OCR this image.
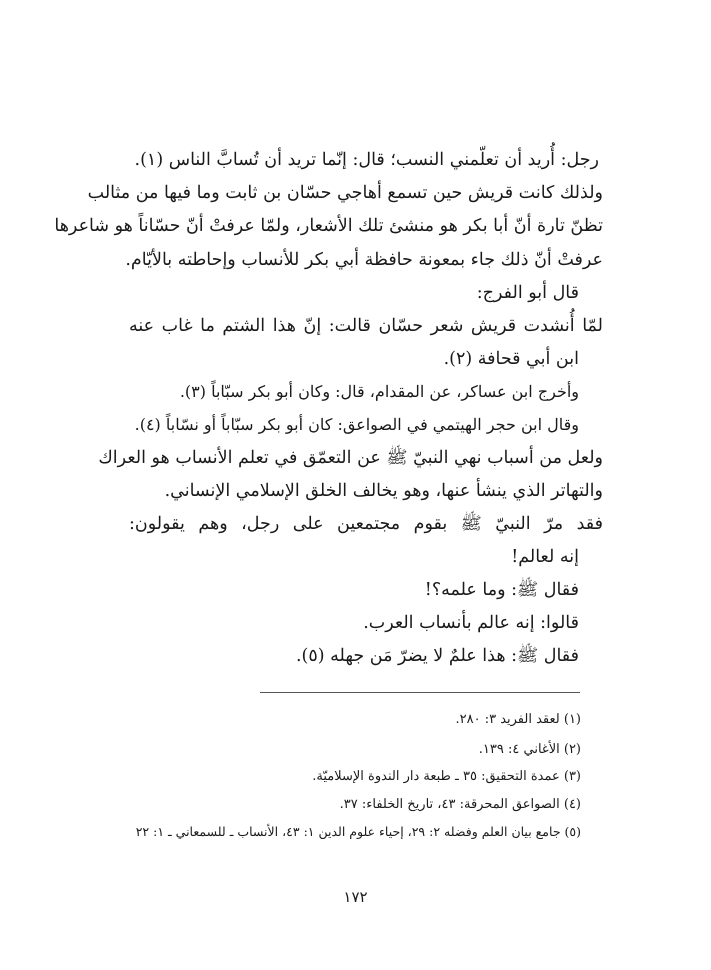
رجل: أُريد أن تعلّمني النسب؛ قال: إنّما تريد أن تُسابَّ الناس (١).
ولذلك كانت قريش حين تسمع أهاجي حسّان بن ثابت وما فيها من مثالب
تظنّ تارة أنّ أبا بكر هو منشئ تلك الأشعار، ولمّا عرفتْ أنّ حسّاناً هو شاعرها
عرفتْ أنّ ذلك جاء بمعونة حافظة أبي بكر للأنساب وإحاطته بالأيّام.
قال أبو الفرج:
لمّا أُنشدت قريش شعر حسّان قالت: إنّ هذا الشتم ما غاب عنه
ابن أبي قحافة (٢).
وأخرج ابن عساكر، عن المقدام، قال: وكان أبو بكر سبّاباً (٣).
وقال ابن حجر الهيتمي في الصواعق: كان أبو بكر سبّاباً أو نسّاباً (٤).
ولعل من أسباب نهي النبيّ ﷺ عن التعمّق في تعلم الأنساب هو العراك
والتهاتر الذي ينشأ عنها، وهو يخالف الخلق الإسلامي الإنساني.
فقد مرّ النبيّ ﷺ بقوم مجتمعين على رجل، وهم يقولون:
إنه لعالم!
فقال ﷺ: وما علمه؟!
قالوا: إنه عالم بأنساب العرب.
فقال ﷺ: هذا علمٌ لا يضرّ مَن جهله (٥).
(١) لعقد الفريد ٣: ٢٨٠.
(٢) الأغاني ٤: ١٣٩.
(٣) عمدة التحقيق: ٣٥ ـ طبعة دار الندوة الإسلاميّة.
(٤) الصواعق المحرقة: ٤٣، تاريخ الخلفاء: ٣٧.
(٥) جامع بيان العلم وفضله ٢: ٢٩، إحياء علوم الدين ١: ٤٣، الأنساب ـ للسمعاني ـ ١: ٢٢
١٧٢
